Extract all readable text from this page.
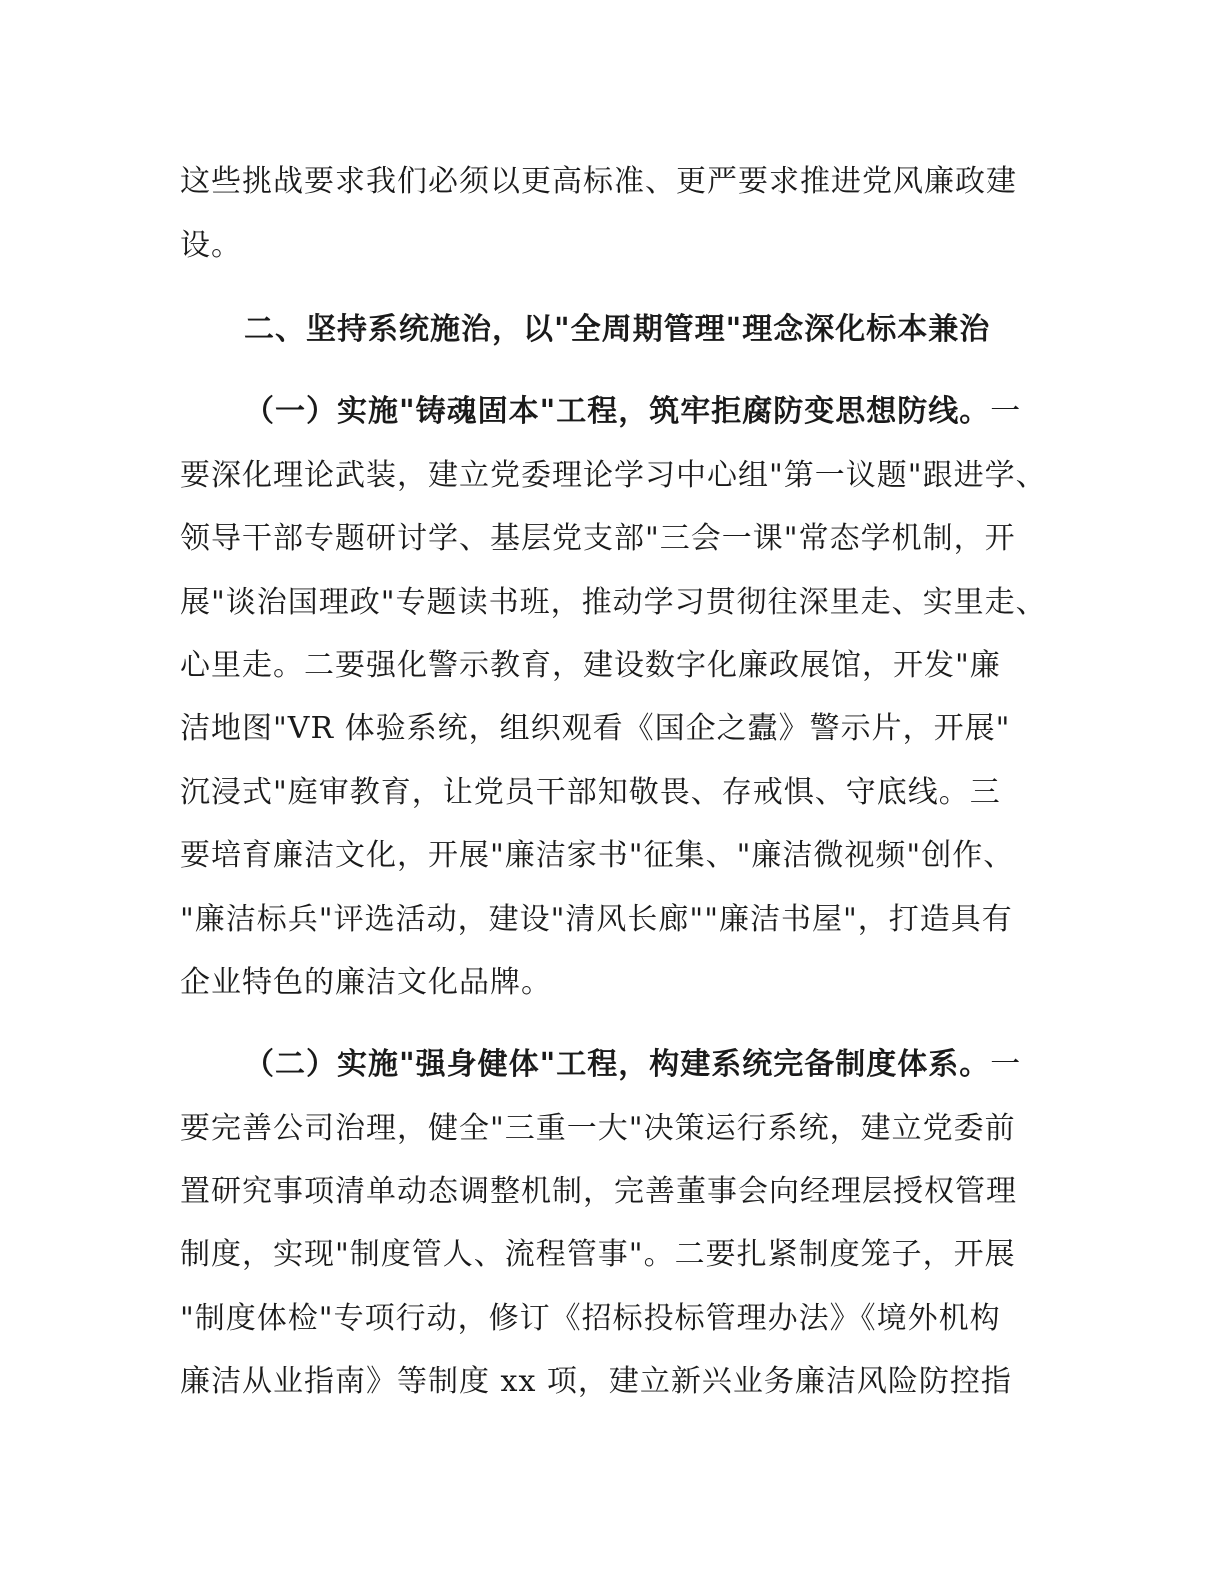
这些挑战要求我们必须以更高标准、更严要求推进党风廉政建
设。
二、坚持系统施治，以"全周期管理"理念深化标本兼治
（一）实施"铸魂固本"工程，筑牢拒腐防变思想防线。一
要深化理论武装，建立党委理论学习中心组"第一议题"跟进学、
领导干部专题研讨学、基层党支部"三会一课"常态学机制，开
展"谈治国理政"专题读书班，推动学习贯彻往深里走、实里走、
心里走。二要强化警示教育，建设数字化廉政展馆，开发"廉
洁地图"VR 体验系统，组织观看《国企之蠹》警示片，开展"
沉浸式"庭审教育，让党员干部知敬畏、存戒惧、守底线。三
要培育廉洁文化，开展"廉洁家书"征集、"廉洁微视频"创作、
"廉洁标兵"评选活动，建设"清风长廊""廉洁书屋"，打造具有
企业特色的廉洁文化品牌。
（二）实施"强身健体"工程，构建系统完备制度体系。一
要完善公司治理，健全"三重一大"决策运行系统，建立党委前
置研究事项清单动态调整机制，完善董事会向经理层授权管理
制度，实现"制度管人、流程管事"。二要扎紧制度笼子，开展
"制度体检"专项行动，修订《招标投标管理办法》《境外机构
廉洁从业指南》等制度 xx 项，建立新兴业务廉洁风险防控指
